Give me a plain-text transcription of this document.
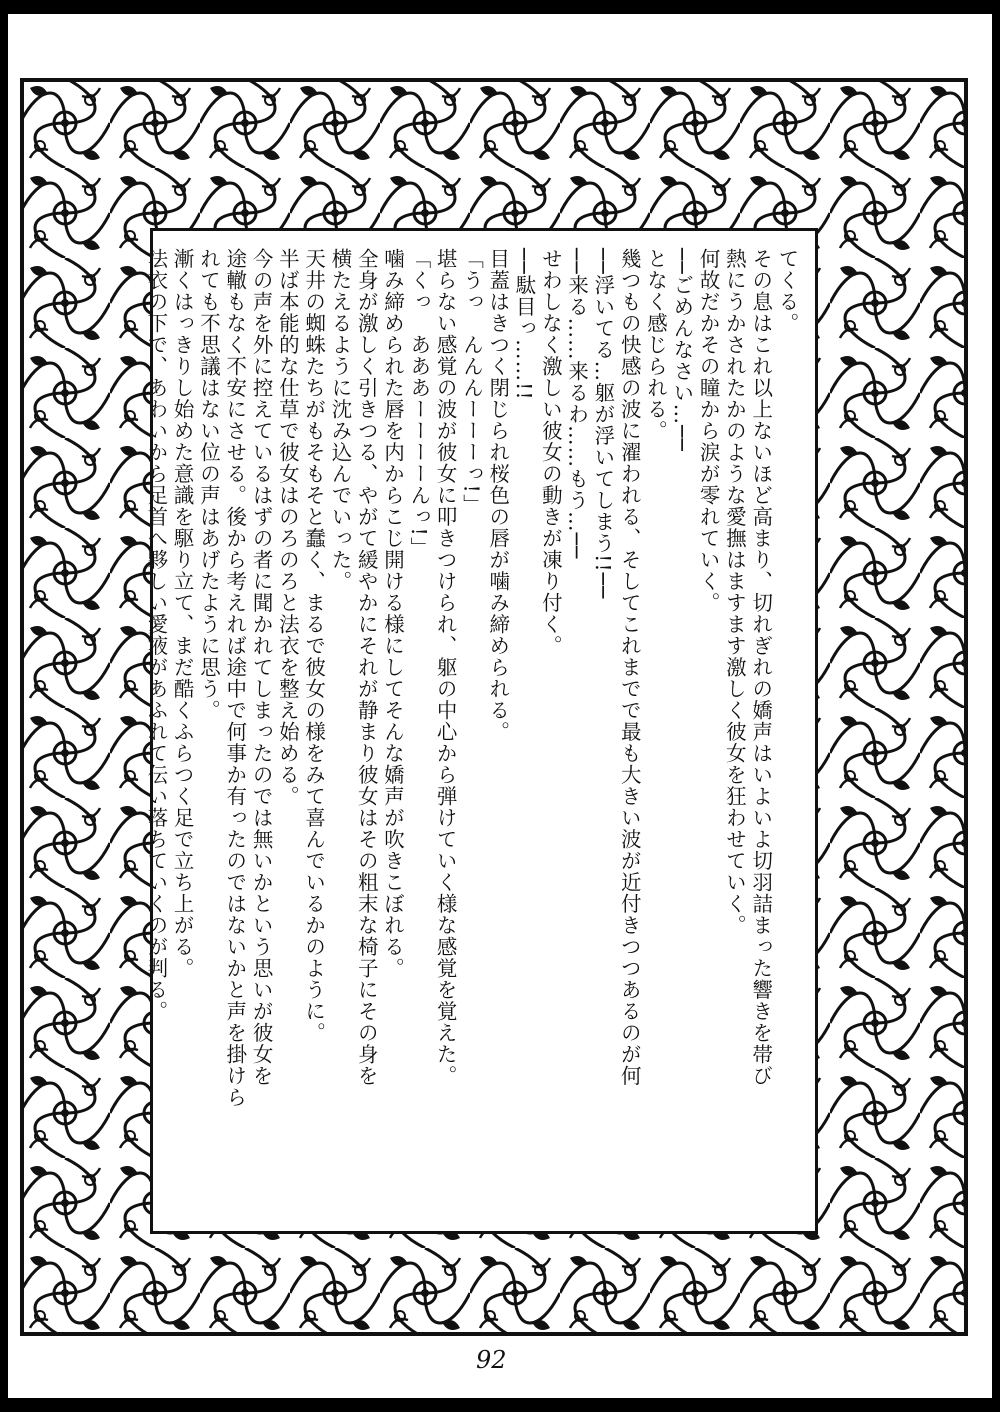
てくる。
その息はこれ以上ないほど高まり、切れぎれの嬌声はいよいよ切羽詰まった響きを帯び
熱にうかされたかのような愛撫はますます激しく彼女を狂わせていく。
何故だかその瞳から涙が零れていく。
──ごめんなさい…──
となく感じられる。
幾つもの快感の波に濯われる、そしてこれまでで最も大きい波が近付きつつあるのが何
──浮いてる…躯が浮いてしまう!!──
──来る……来るわ……もう…──
せわしなく激しい彼女の動きが凍り付く。
──駄目っ……!!
目蓋はきつく閉じられ桜色の唇が噛み締められる。
「うっ　んんんーーーっ!」
堪らない感覚の波が彼女に叩きつけられ、躯の中心から弾けていく様な感覚を覚えた。
「くっ　あああーーーーんっ!」
噛み締められた唇を内からこじ開ける様にしてそんな嬌声が吹きこぼれる。
全身が激しく引きつる、やがて緩やかにそれが静まり彼女はその粗末な椅子にその身を
横たえるように沈み込んでいった。
天井の蜘蛛たちがもそもそと蠢く、まるで彼女の様をみて喜んでいるかのように。
半ば本能的な仕草で彼女はのろのろと法衣を整え始める。
今の声を外に控えているはずの者に聞かれてしまったのでは無いかという思いが彼女を
途轍もなく不安にさせる。後から考えれば途中で何事か有ったのではないかと声を掛けら
れても不思議はない位の声はあげたように思う。
漸くはっきりし始めた意識を駆り立て、まだ酷くふらつく足で立ち上がる。
法衣の下で、あわいから足首へ夥しい愛液があふれて伝い落ちていくのが判る。
92
